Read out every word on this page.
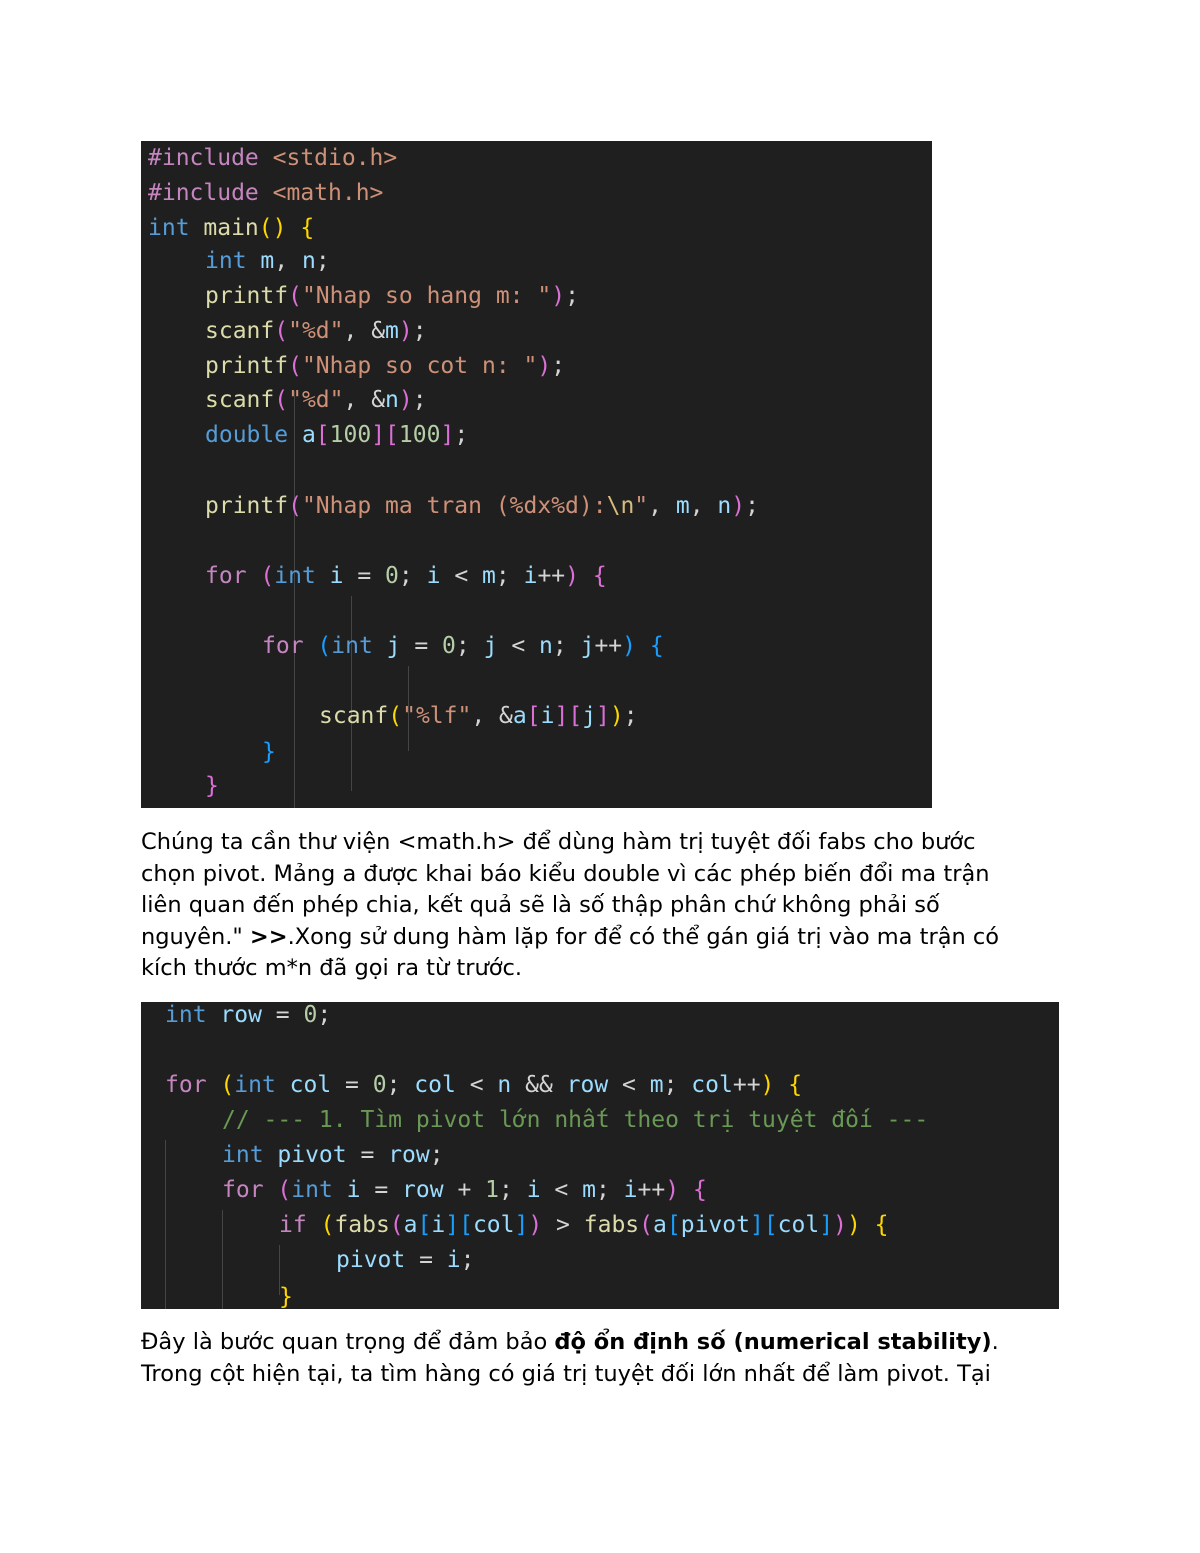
#include <stdio.h>
#include <math.h>
int main() {
int m, n;
printf("Nhap so hang m: ");
scanf("%d", &m);
printf("Nhap so cot n: ");
scanf("%d", &n);
double a[100][100];
printf("Nhap ma tran (%dx%d):\n", m, n);
for (int i = 0; i < m; i++) {
for (int j = 0; j < n; j++) {
scanf("%lf", &a[i][j]);
}
}
Chúng ta cần thư viện <math.h> để dùng hàm trị tuyệt đối fabs cho bước
chọn pivot. Mảng a được khai báo kiểu double vì các phép biến đổi ma trận
liên quan đến phép chia, kết quả sẽ là số thập phân chứ không phải số
nguyên." >>.Xong sử dung hàm lặp for để có thể gán giá trị vào ma trận có
kích thước m*n đã gọi ra từ trước.

int row = 0;
for (int col = 0; col < n && row < m; col++) {
// --- 1. Tìm pivot lớn nhất theo trị tuyệt đối ---
int pivot = row;
for (int i = row + 1; i < m; i++) {
if (fabs(a[i][col]) > fabs(a[pivot][col])) {
pivot = i;
}
Đây là bước quan trọng để đảm bảo độ ổn định số (numerical stability).
Trong cột hiện tại, ta tìm hàng có giá trị tuyệt đối lớn nhất để làm pivot. Tại
